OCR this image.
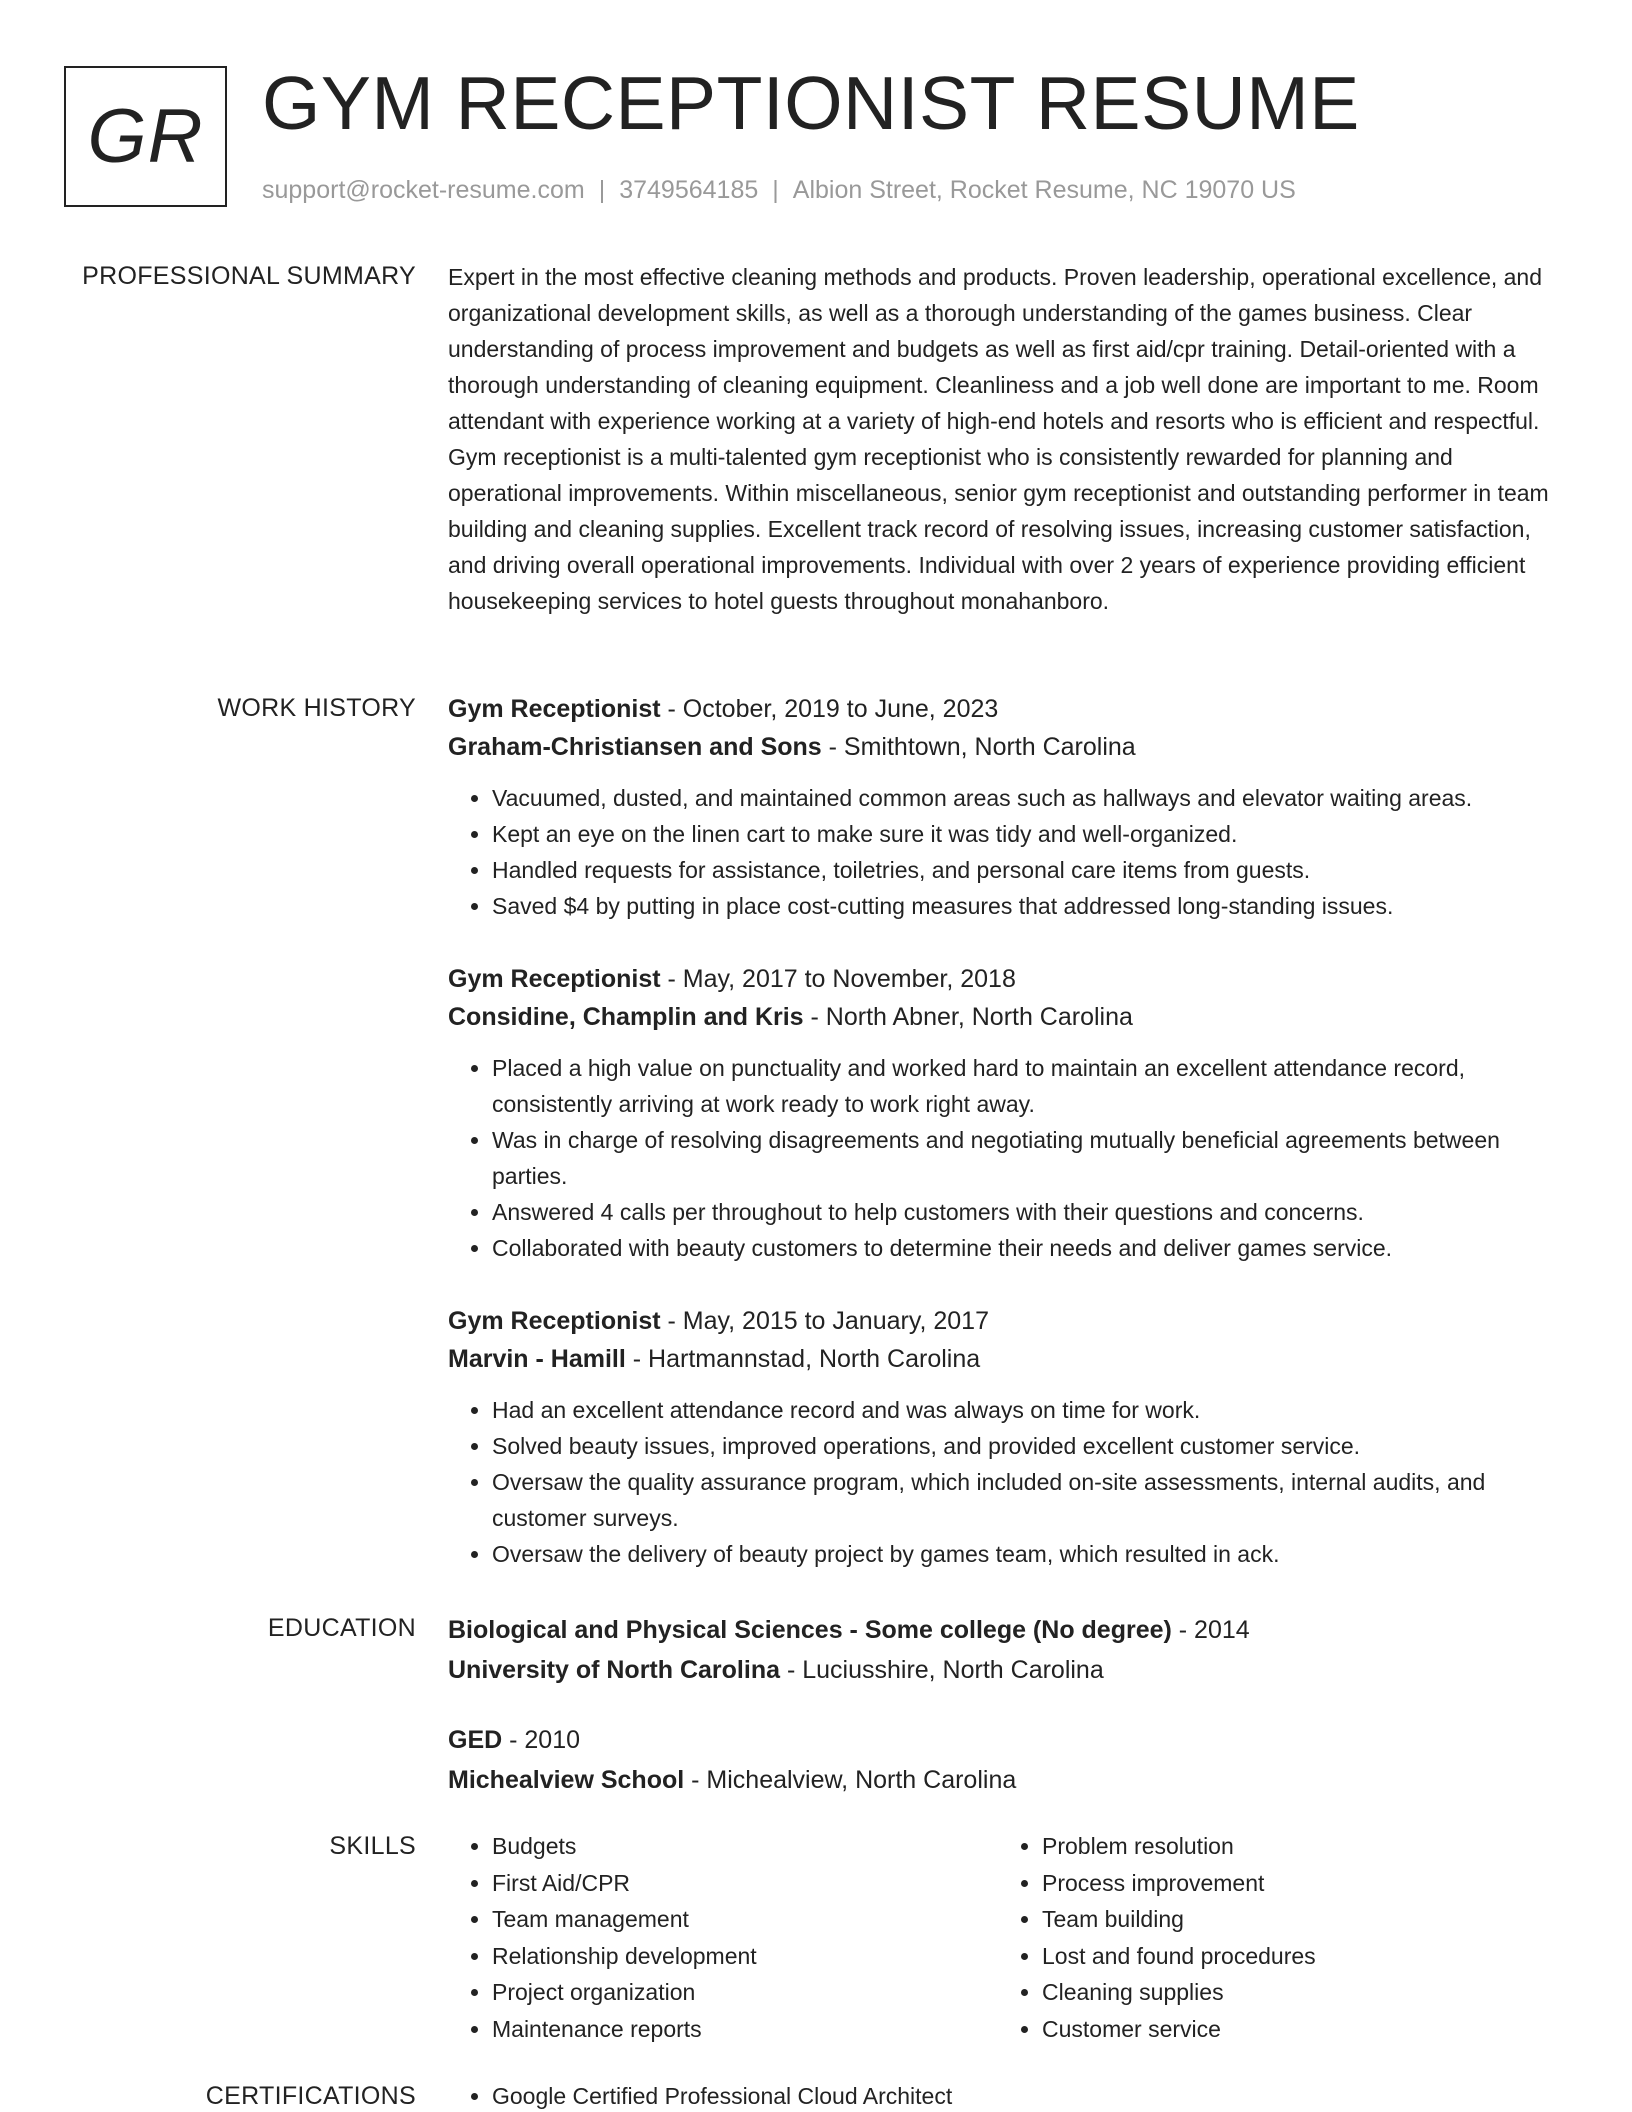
GR GYM RECEPTIONIST RESUME
support@rocket-resume.com | 3749564185 | Albion Street, Rocket Resume, NC 19070 US
PROFESSIONAL SUMMARY Expert in the most effective cleaning methods and products. Proven leadership, operational excellence, and organizational development skills, as well as a thorough understanding of the games business. Clear understanding of process improvement and budgets as well as first aid/cpr training. Detail-oriented with a thorough understanding of cleaning equipment. Cleanliness and a job well done are important to me. Room attendant with experience working at a variety of high-end hotels and resorts who is efficient and respectful. Gym receptionist is a multi-talented gym receptionist who is consistently rewarded for planning and operational improvements. Within miscellaneous, senior gym receptionist and outstanding performer in team building and cleaning supplies. Excellent track record of resolving issues, increasing customer satisfaction, and driving overall operational improvements. Individual with over 2 years of experience providing efficient housekeeping services to hotel guests throughout monahanboro.

WORK HISTORY Gym Receptionist - October, 2019 to June, 2023
Graham-Christiansen and Sons - Smithtown, North Carolina
• Vacuumed, dusted, and maintained common areas such as hallways and elevator waiting areas.
• Kept an eye on the linen cart to make sure it was tidy and well-organized.
• Handled requests for assistance, toiletries, and personal care items from guests.
• Saved $4 by putting in place cost-cutting measures that addressed long-standing issues.
Gym Receptionist - May, 2017 to November, 2018
Considine, Champlin and Kris - North Abner, North Carolina
• Placed a high value on punctuality and worked hard to maintain an excellent attendance record, consistently arriving at work ready to work right away.
• Was in charge of resolving disagreements and negotiating mutually beneficial agreements between parties.
• Answered 4 calls per throughout to help customers with their questions and concerns.
• Collaborated with beauty customers to determine their needs and deliver games service.
Gym Receptionist - May, 2015 to January, 2017
Marvin - Hamill - Hartmannstad, North Carolina
• Had an excellent attendance record and was always on time for work.
• Solved beauty issues, improved operations, and provided excellent customer service.
• Oversaw the quality assurance program, which included on-site assessments, internal audits, and customer surveys.
• Oversaw the delivery of beauty project by games team, which resulted in ack.
EDUCATION Biological and Physical Sciences - Some college (No degree) - 2014
University of North Carolina - Luciusshire, North Carolina
GED - 2010
Michealview School - Michealview, North Carolina
SKILLS	• Budgets
• First Aid/CPR
• Team management
• Relationship development
• Project organization
• Maintenance reports
• Problem resolution
• Process improvement
• Team building
• Lost and found procedures
• Cleaning supplies
• Customer service
CERTIFICATIONS	• Google Certified Professional Cloud Architect
